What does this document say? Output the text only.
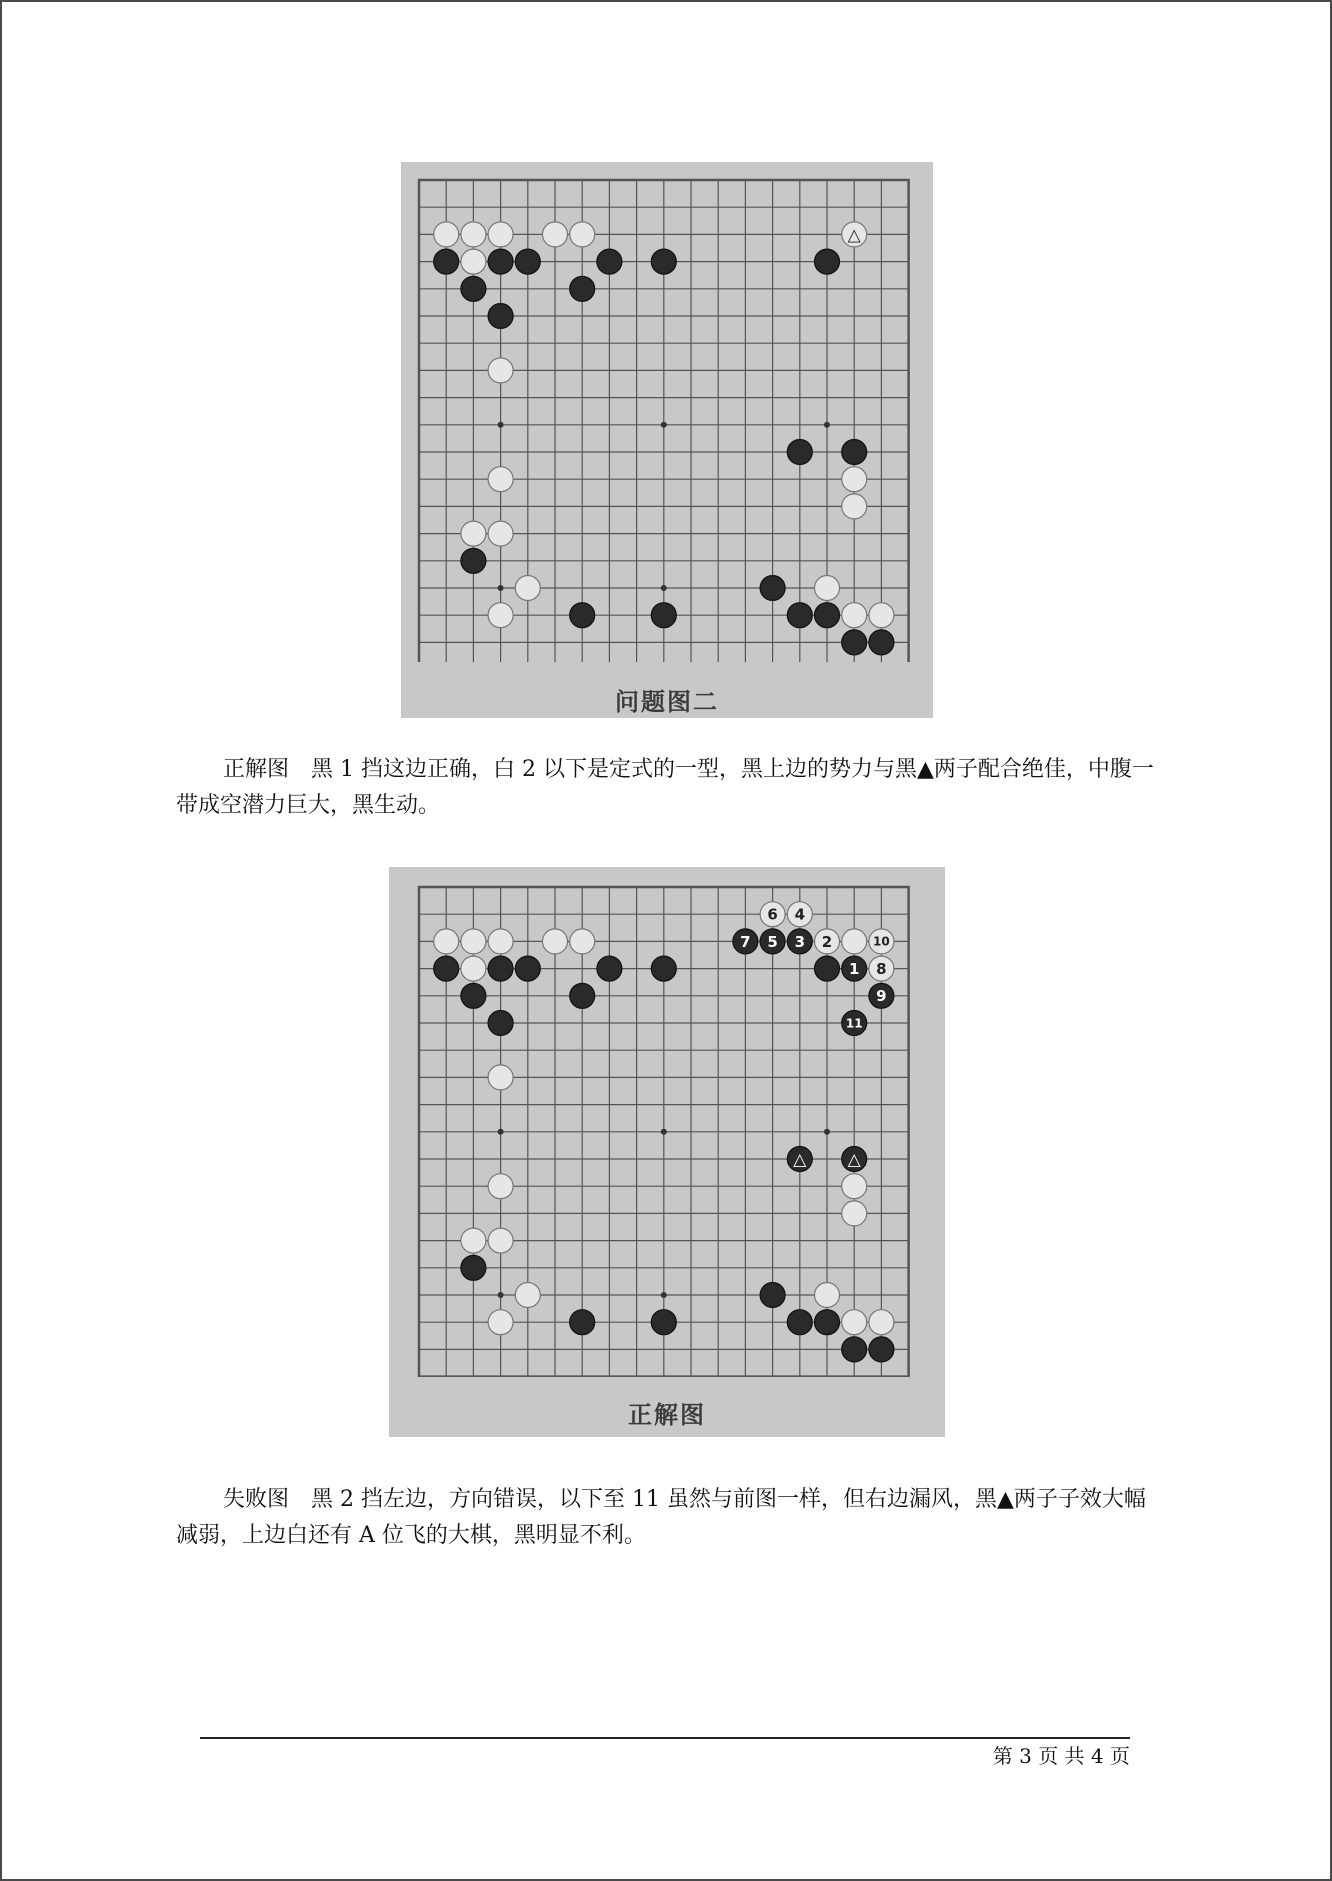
△
问题图二

正解图　黑 1 挡这边正确，白 2 以下是定式的一型，黑上边的势力与黑▲两子配合绝佳，中腹一带成空潜力巨大，黑生动。

△ △
6 4
7 5 3 2	10
1 8
9
11
正解图

失败图　黑 2 挡左边，方向错误，以下至 11 虽然与前图一样，但右边漏风，黑▲两子子效大幅减弱，上边白还有 A 位飞的大棋，黑明显不利。

第 3 页 共 4 页
